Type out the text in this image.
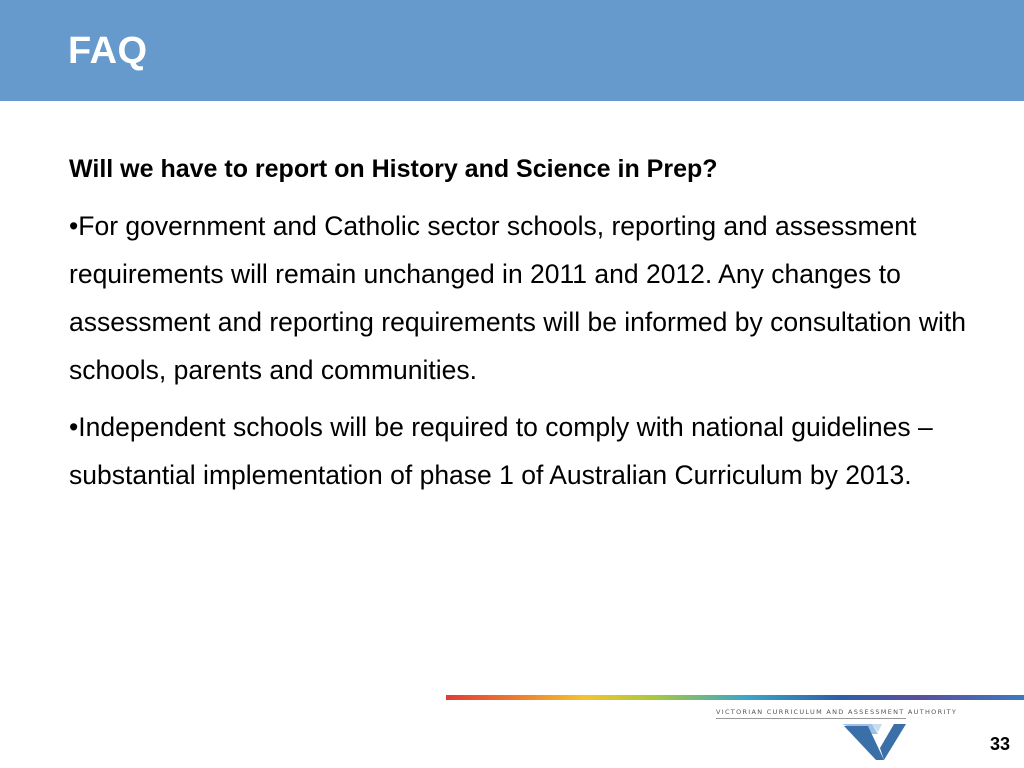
FAQ

Will we have to report on History and Science in Prep?

•For government and Catholic sector schools, reporting and assessment requirements will remain unchanged in 2011 and 2012. Any changes to assessment and reporting requirements will be informed by consultation with schools, parents and communities.

•Independent schools will be required to comply with national guidelines – substantial implementation of phase 1 of Australian Curriculum by 2013.

VICTORIAN CURRICULUM AND ASSESSMENT AUTHORITY
33
